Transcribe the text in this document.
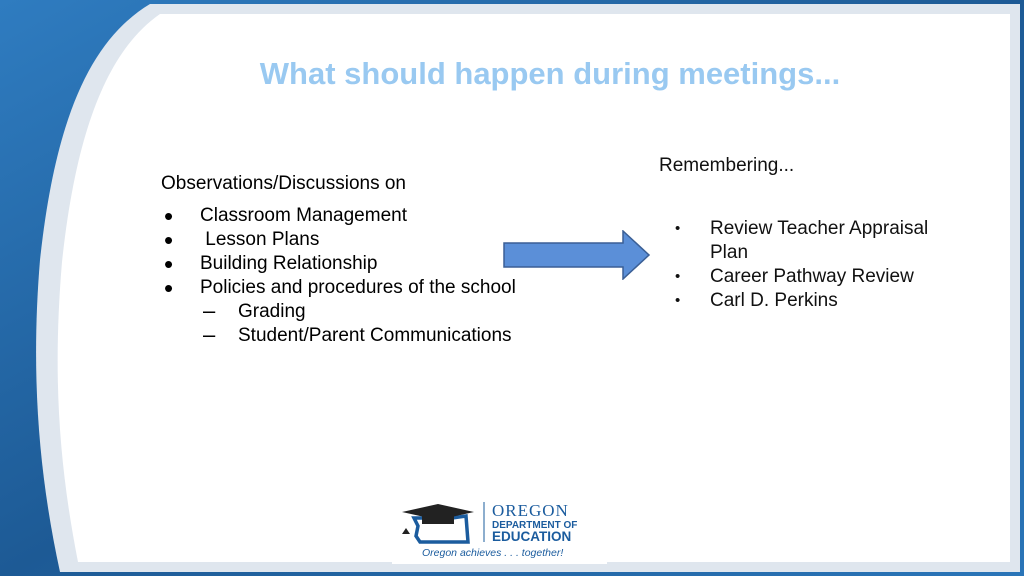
What should happen during meetings...
Observations/Discussions on
• Classroom Management
• Lesson Plans
• Building Relationship
• Policies and procedures of the school
– Grading
– Student/Parent Communications
Remembering...
• Review Teacher Appraisal
Plan
• Career Pathway Review
• Carl D. Perkins
OREGON
DEPARTMENT OF
EDUCATION
Oregon achieves . . . together!
